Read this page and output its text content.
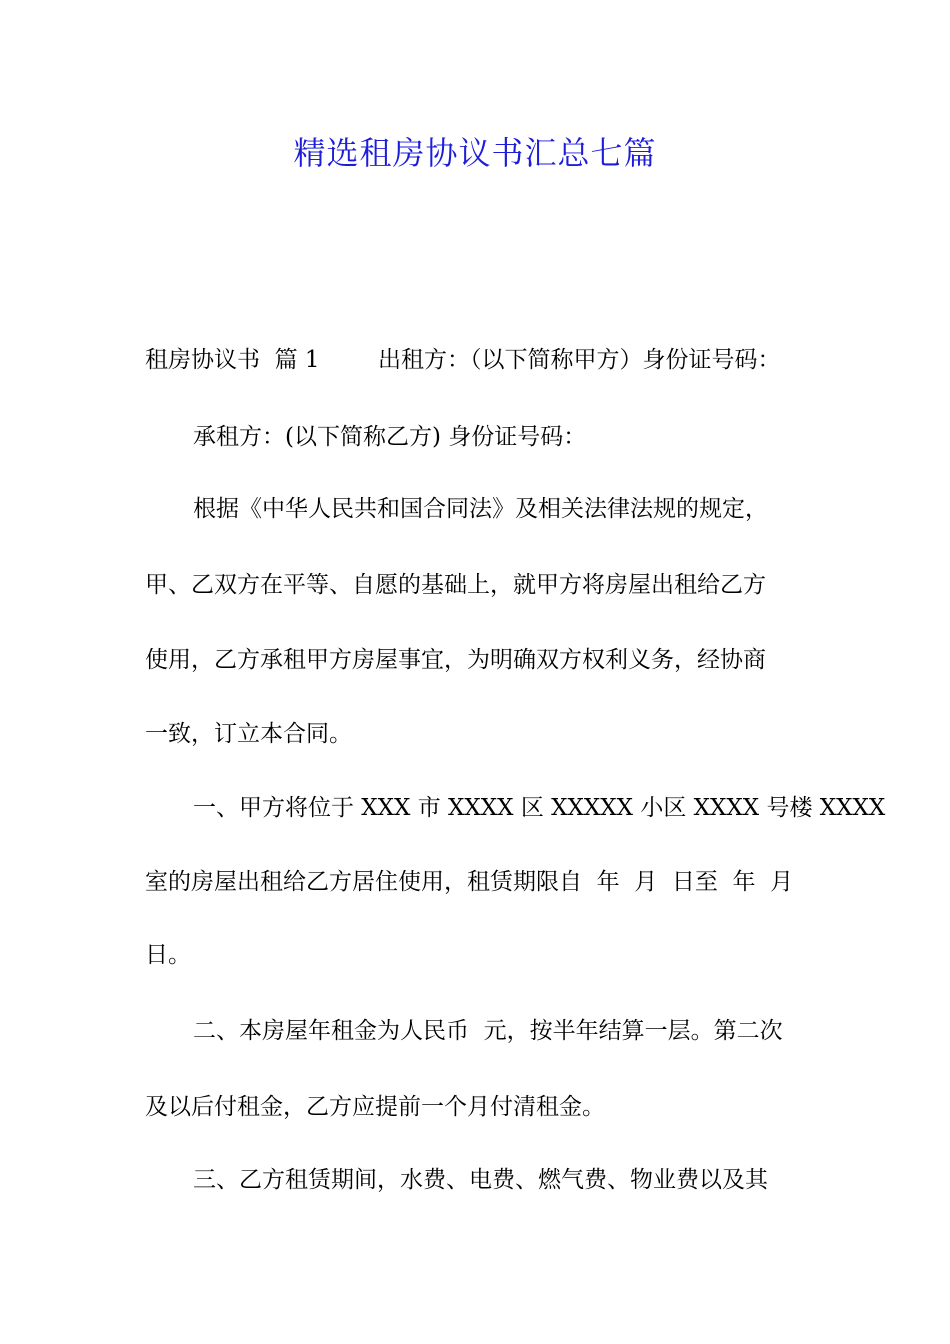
精选租房协议书汇总七篇
租房协议书  篇 1        出租方：（以下简称甲方）身份证号码：
承租方：(以下简称乙方) 身份证号码：
根据《中华人民共和国合同法》及相关法律法规的规定，
甲、乙双方在平等、自愿的基础上，就甲方将房屋出租给乙方
使用，乙方承租甲方房屋事宜，为明确双方权利义务，经协商
一致，订立本合同。
一、甲方将位于 XXX 市 XXXX 区 XXXXX 小区 XXXX 号楼 XXXX
室的房屋出租给乙方居住使用，租赁期限自  年  月  日至  年  月
日。
二、本房屋年租金为人民币  元，按半年结算一层。第二次
及以后付租金，乙方应提前一个月付清租金。
三、乙方租赁期间，水费、电费、燃气费、物业费以及其
